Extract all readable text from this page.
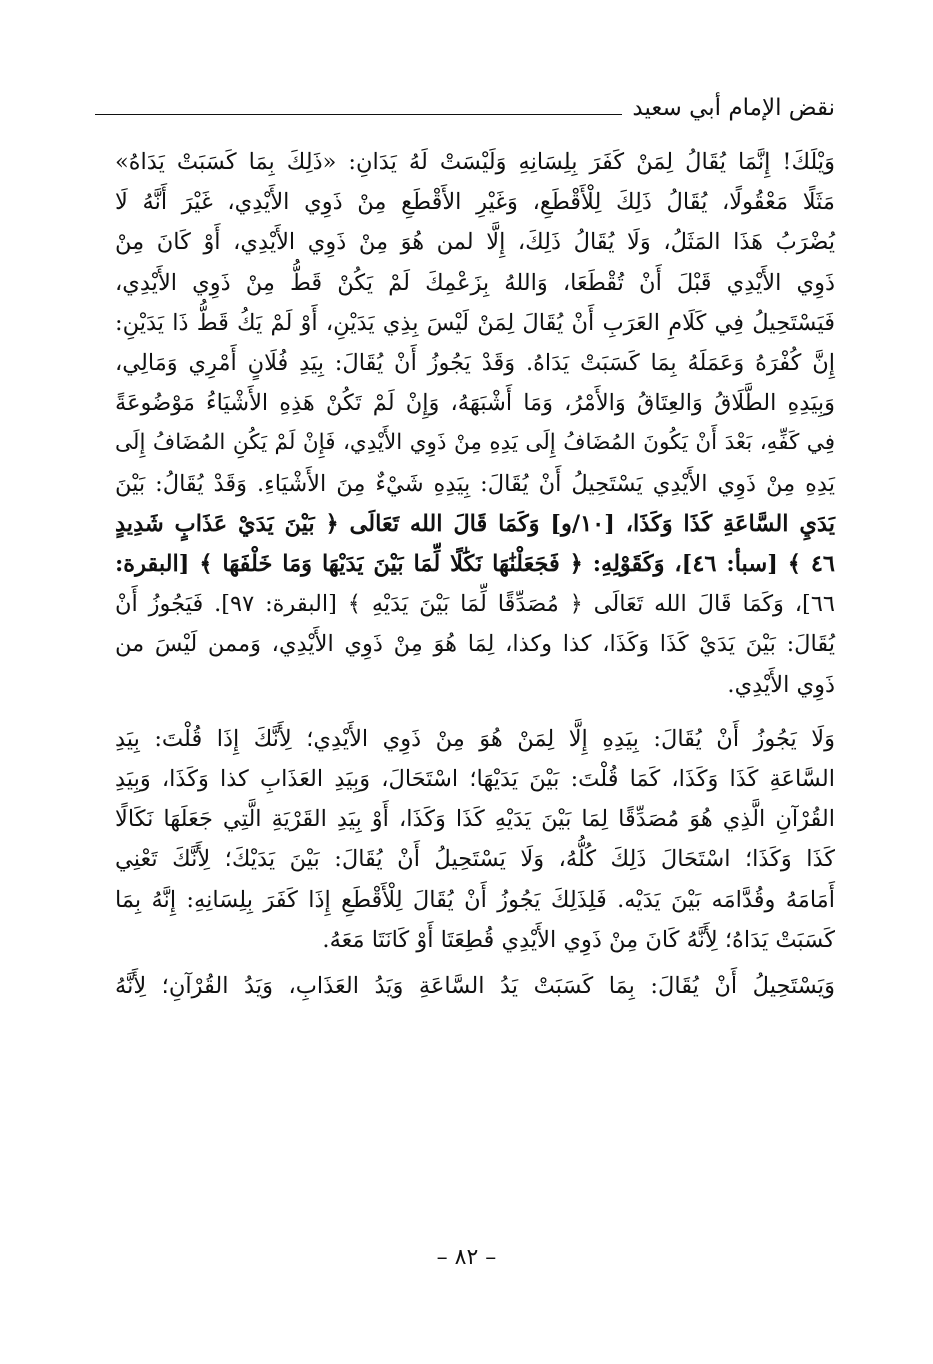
نقض الإمام أبي سعيد

وَيْلَكَ! إِنَّمَا يُقَالُ لِمَنْ كَفَرَ بِلِسَانِهِ وَلَيْسَتْ لَهُ يَدَانِ: «ذَلِكَ بِمَا كَسَبَتْ يَدَاهُ»
مَثَلًا مَعْقُولًا، يُقَالُ ذَلِكَ لِلْأَقْطَعِ، وَغَيْرِ الأَقْطَعِ مِنْ ذَوِي الأَيْدِي، غَيْرَ أَنَّهُ لَا
يُضْرَبُ هَذَا المَثَلُ، وَلَا يُقَالُ ذَلِكَ، إِلَّا لمن هُوَ مِنْ ذَوِي الأَيْدِي، أَوْ كَانَ مِنْ
ذَوِي الأَيْدِي قَبْلَ أَنْ تُقْطَعَا، وَاللهُ بِزَعْمِكَ لَمْ يَكُنْ قَطُّ مِنْ ذَوِي الأَيْدِي،
فَيَسْتَحِيلُ فِي كَلَامِ العَرَبِ أَنْ يُقَالَ لِمَنْ لَيْسَ بِذِي يَدَيْنِ، أَوْ لَمْ يَكُ قَطُّ ذَا يَدَيْنِ:
إِنَّ كُفْرَهُ وَعَمَلَهُ بِمَا كَسَبَتْ يَدَاهُ. وَقَدْ يَجُوزُ أَنْ يُقَالَ: بِيَدِ فُلَانٍ أَمْرِي وَمَالِي،
وَبِيَدِهِ الطَّلَاقُ وَالعِتَاقُ وَالأَمْرُ، وَمَا أَشْبَهَهُ، وَإِنْ لَمْ تَكُنْ هَذِهِ الأَشْيَاءُ مَوْضُوعَةً
فِي كَفِّهِ، بَعْدَ أَنْ يَكُونَ المُضَافُ إِلَى يَدِهِ مِنْ ذَوِي الأَيْدِي، فَإِنْ لَمْ يَكُنِ المُضَافُ إِلَى
يَدِهِ مِنْ ذَوِي الأَيْدِي يَسْتَحِيلُ أَنْ يُقَالَ: بِيَدِهِ شَيْءٌ مِنَ الأَشْيَاءِ. وَقَدْ يُقَالُ: بَيْنَ
يَدَيِ السَّاعَةِ كَذَا وَكَذَا، [١٠/و] وَكَمَا قَالَ الله تَعَالَى ﴿ بَيْنَ يَدَيْ عَذَابٍ شَدِيدٍ
٤٦ ﴾ [سبأ: ٤٦]، وَكَقَوْلِهِ: ﴿ فَجَعَلْنَٰهَا نَكَٰلًا لِّمَا بَيْنَ يَدَيْهَا وَمَا خَلْفَهَا ﴾ [البقرة:
٦٦]، وَكَمَا قَالَ الله تَعَالَى ﴿ مُصَدِّقًا لِّمَا بَيْنَ يَدَيْهِ ﴾ [البقرة: ٩٧]. فَيَجُوزُ أَنْ
يُقَالَ: بَيْنَ يَدَيْ كَذَا وَكَذَا، كذا وكذا، لِمَا هُوَ مِنْ ذَوِي الأَيْدِي، وَممن لَيْسَ من
ذَوِي الأَيْدِي.

وَلَا يَجُوزُ أَنْ يُقَالَ: بِيَدِهِ إِلَّا لِمَنْ هُوَ مِنْ ذَوِي الأَيْدِي؛ لِأَنَّكَ إِذَا قُلْتَ: بِيَدِ
السَّاعَةِ كَذَا وَكَذَا، كَمَا قُلْتَ: بَيْنَ يَدَيْهَا؛ اسْتَحَالَ، وَبِيَدِ العَذَابِ كذا وَكَذَا، وَبِيَدِ
القُرْآنِ الَّذِي هُوَ مُصَدِّقًا لِمَا بَيْنَ يَدَيْهِ كَذَا وَكَذَا، أَوْ بِيَدِ القَرْيَةِ الَّتِي جَعَلَهَا نَكَالًا
كَذَا وَكَذَا؛ اسْتَحَالَ ذَلِكَ كُلُّهُ، وَلَا يَسْتَحِيلُ أَنْ يُقَالَ: بَيْنَ يَدَيْكَ؛ لِأَنَّكَ تَعْنِي
أَمَامَهُ وقُدَّامَه بَيْنَ يَدَيْه. فَلِذَلِكَ يَجُوزُ أَنْ يُقَالَ لِلْأَقْطَعِ إِذَا كَفَرَ بِلِسَانِهِ: إِنَّهُ بِمَا
كَسَبَتْ يَدَاهُ؛ لِأَنَّهُ كَانَ مِنْ ذَوِي الأَيْدِي قُطِعَتَا أَوْ كَانَتَا مَعَهُ.

وَيَسْتَحِيلُ أَنْ يُقَالَ: بِمَا كَسَبَتْ يَدُ السَّاعَةِ وَيَدُ العَذَابِ، وَيَدُ القُرْآنِ؛ لِأَنَّهُ

– ٨٢ –
